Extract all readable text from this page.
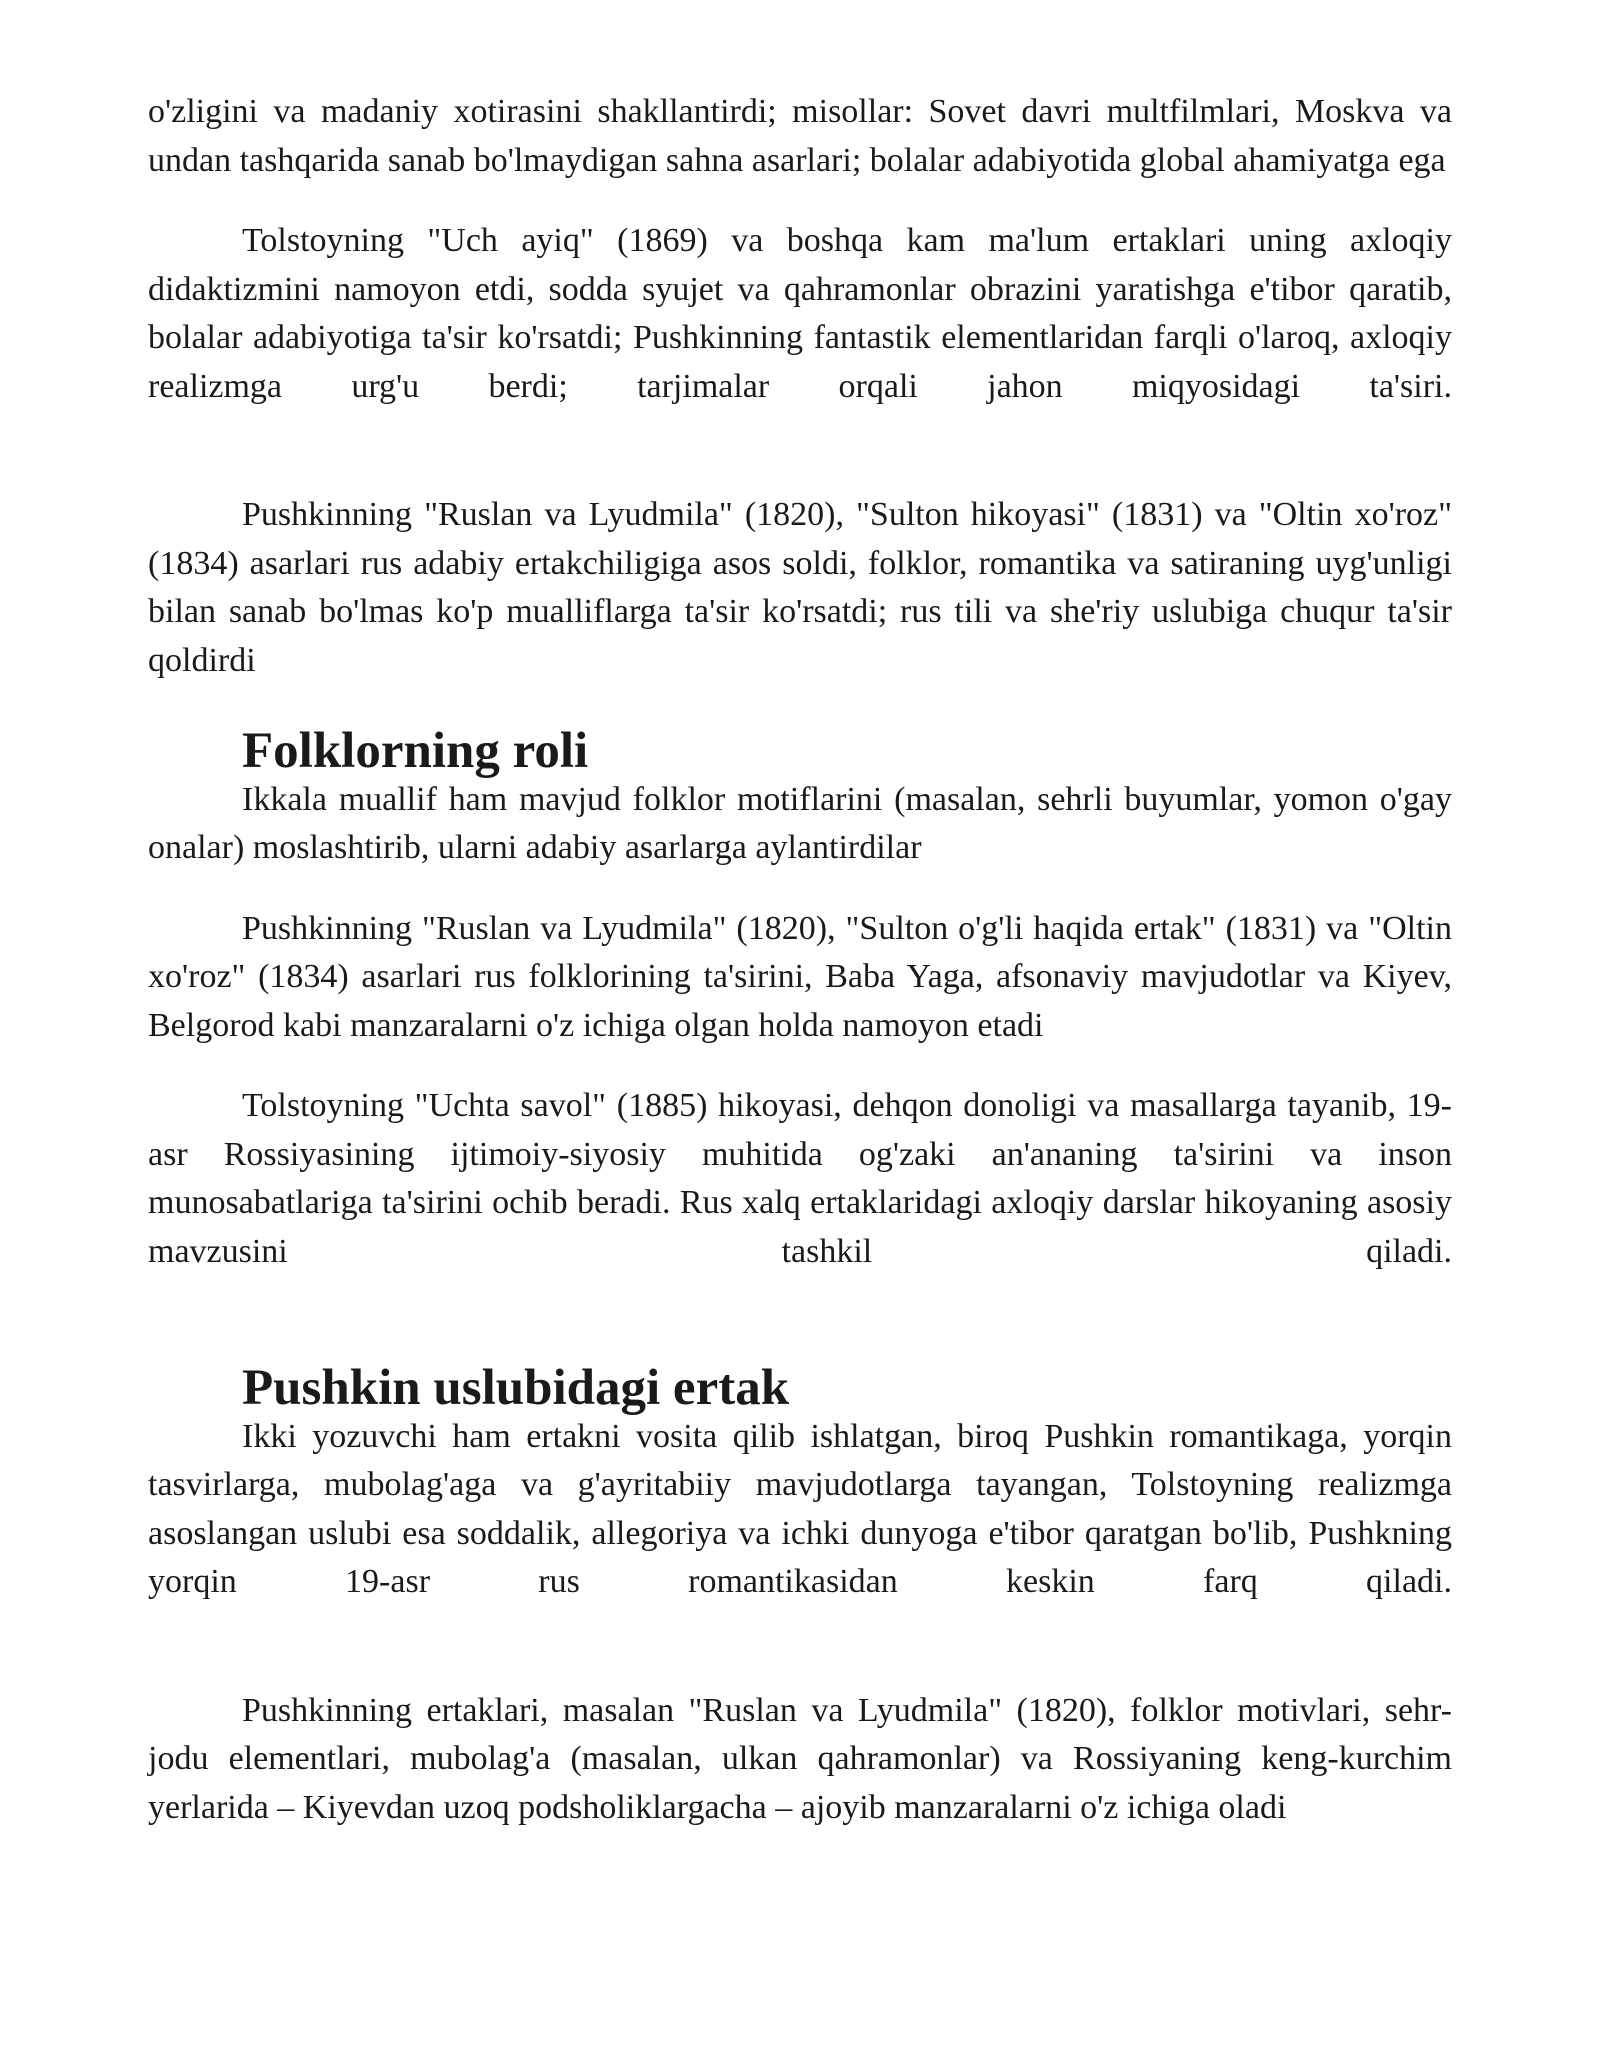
o'zligini va madaniy xotirasini shakllantirdi; misollar: Sovet davri multfilmlari, Moskva va undan tashqarida sanab bo'lmaydigan sahna asarlari; bolalar adabiyotida global ahamiyatga ega

Tolstoyning "Uch ayiq" (1869) va boshqa kam ma'lum ertaklari uning axloqiy didaktizmini namoyon etdi, sodda syujet va qahramonlar obrazini yaratishga e'tibor qaratib, bolalar adabiyotiga ta'sir ko'rsatdi; Pushkinning fantastik elementlaridan farqli o'laroq, axloqiy realizmga urg'u berdi; tarjimalar orqali jahon miqyosidagi ta'siri.

Pushkinning "Ruslan va Lyudmila" (1820), "Sulton hikoyasi" (1831) va "Oltin xo'roz" (1834) asarlari rus adabiy ertakchiligiga asos soldi, folklor, romantika va satiraning uyg'unligi bilan sanab bo'lmas ko'p mualliflarga ta'sir ko'rsatdi; rus tili va she'riy uslubiga chuqur ta'sir qoldirdi

Folklorning roli

Ikkala muallif ham mavjud folklor motiflarini (masalan, sehrli buyumlar, yomon o'gay onalar) moslashtirib, ularni adabiy asarlarga aylantirdilar

Pushkinning "Ruslan va Lyudmila" (1820), "Sulton o'g'li haqida ertak" (1831) va "Oltin xo'roz" (1834) asarlari rus folklorining ta'sirini, Baba Yaga, afsonaviy mavjudotlar va Kiyev, Belgorod kabi manzaralarni o'z ichiga olgan holda namoyon etadi

Tolstoyning "Uchta savol" (1885) hikoyasi, dehqon donoligi va masallarga tayanib, 19-asr Rossiyasining ijtimoiy-siyosiy muhitida og'zaki an'ananing ta'sirini va inson munosabatlariga ta'sirini ochib beradi. Rus xalq ertaklaridagi axloqiy darslar hikoyaning asosiy mavzusini tashkil qiladi.

Pushkin uslubidagi ertak

Ikki yozuvchi ham ertakni vosita qilib ishlatgan, biroq Pushkin romantikaga, yorqin tasvirlarga, mubolag'aga va g'ayritabiiy mavjudotlarga tayangan, Tolstoyning realizmga asoslangan uslubi esa soddalik, allegoriya va ichki dunyoga e'tibor qaratgan bo'lib, Pushkning yorqin 19-asr rus romantikasidan keskin farq qiladi.

Pushkinning ertaklari, masalan "Ruslan va Lyudmila" (1820), folklor motivlari, sehr-jodu elementlari, mubolag'a (masalan, ulkan qahramonlar) va Rossiyaning keng-kurchim yerlarida – Kiyevdan uzoq podsholiklargacha – ajoyib manzaralarni o'z ichiga oladi
